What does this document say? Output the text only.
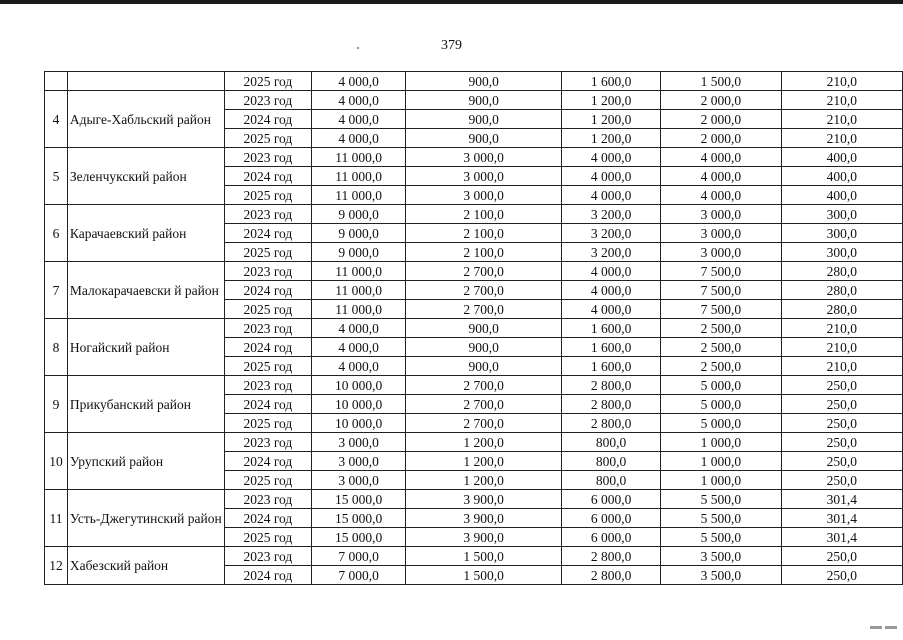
379
		2025 год	4 000,0	900,0	1 600,0	1 500,0	210,0
4	Адыге-Хабльский район	2023 год	4 000,0	900,0	1 200,0	2 000,0	210,0
		2024 год	4 000,0	900,0	1 200,0	2 000,0	210,0
		2025 год	4 000,0	900,0	1 200,0	2 000,0	210,0
5	Зеленчукский район	2023 год	11 000,0	3 000,0	4 000,0	4 000,0	400,0
		2024 год	11 000,0	3 000,0	4 000,0	4 000,0	400,0
		2025 год	11 000,0	3 000,0	4 000,0	4 000,0	400,0
6	Карачаевский район	2023 год	9 000,0	2 100,0	3 200,0	3 000,0	300,0
		2024 год	9 000,0	2 100,0	3 200,0	3 000,0	300,0
		2025 год	9 000,0	2 100,0	3 200,0	3 000,0	300,0
7	Малокарачаевски й район	2023 год	11 000,0	2 700,0	4 000,0	7 500,0	280,0
		2024 год	11 000,0	2 700,0	4 000,0	7 500,0	280,0
		2025 год	11 000,0	2 700,0	4 000,0	7 500,0	280,0
8	Ногайский район	2023 год	4 000,0	900,0	1 600,0	2 500,0	210,0
		2024 год	4 000,0	900,0	1 600,0	2 500,0	210,0
		2025 год	4 000,0	900,0	1 600,0	2 500,0	210,0
9	Прикубанский район	2023 год	10 000,0	2 700,0	2 800,0	5 000,0	250,0
		2024 год	10 000,0	2 700,0	2 800,0	5 000,0	250,0
		2025 год	10 000,0	2 700,0	2 800,0	5 000,0	250,0
10	Урупский район	2023 год	3 000,0	1 200,0	800,0	1 000,0	250,0
		2024 год	3 000,0	1 200,0	800,0	1 000,0	250,0
		2025 год	3 000,0	1 200,0	800,0	1 000,0	250,0
11	Усть-Джегутинский район	2023 год	15 000,0	3 900,0	6 000,0	5 500,0	301,4
		2024 год	15 000,0	3 900,0	6 000,0	5 500,0	301,4
		2025 год	15 000,0	3 900,0	6 000,0	5 500,0	301,4
12	Хабезский район	2023 год	7 000,0	1 500,0	2 800,0	3 500,0	250,0
		2024 год	7 000,0	1 500,0	2 800,0	3 500,0	250,0
